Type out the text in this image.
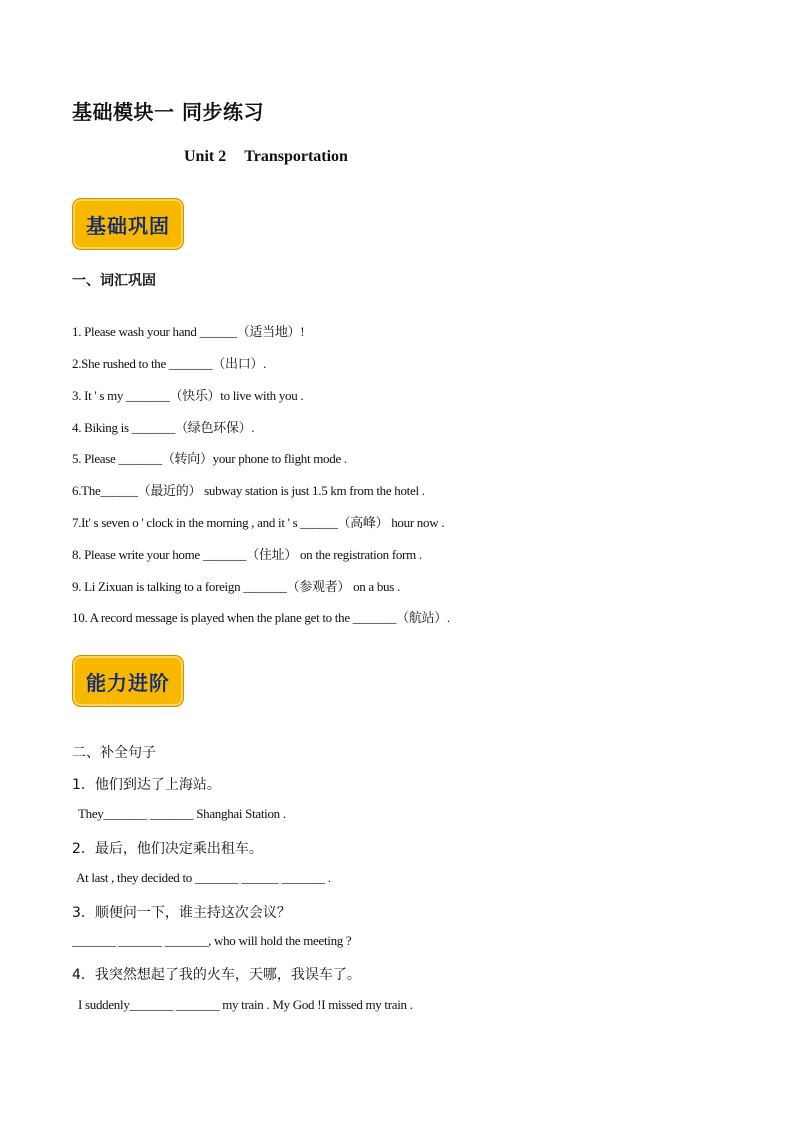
基础模块一 同步练习
Unit 2 Transportation
基础巩固
一、词汇巩固
1. Please wash your hand ______（适当地）!
2.She rushed to the _______（出口）.
3. It ' s my _______（快乐）to live with you .
4. Biking is _______（绿色环保）.
5. Please _______（转向）your phone to flight mode .
6.The______（最近的） subway station is just 1.5 km from the hotel .
7.It' s seven o ' clock in the morning , and it ' s ______（高峰） hour now .
8. Please write your home _______（住址） on the registration form .
9. Li Zixuan is talking to a foreign _______（参观者） on a bus .
10. A record message is played when the plane get to the _______（航站）.
能力进阶
二、补全句子
1．他们到达了上海站。
They_______ _______ Shanghai Station .
2．最后，他们决定乘出租车。
At last , they decided to _______ ______ _______ .
3．顺便问一下，谁主持这次会议？
_______ _______ _______, who will hold the meeting ?
4．我突然想起了我的火车，天哪，我误车了。
I suddenly_______ _______ my train . My God !I missed my train .
